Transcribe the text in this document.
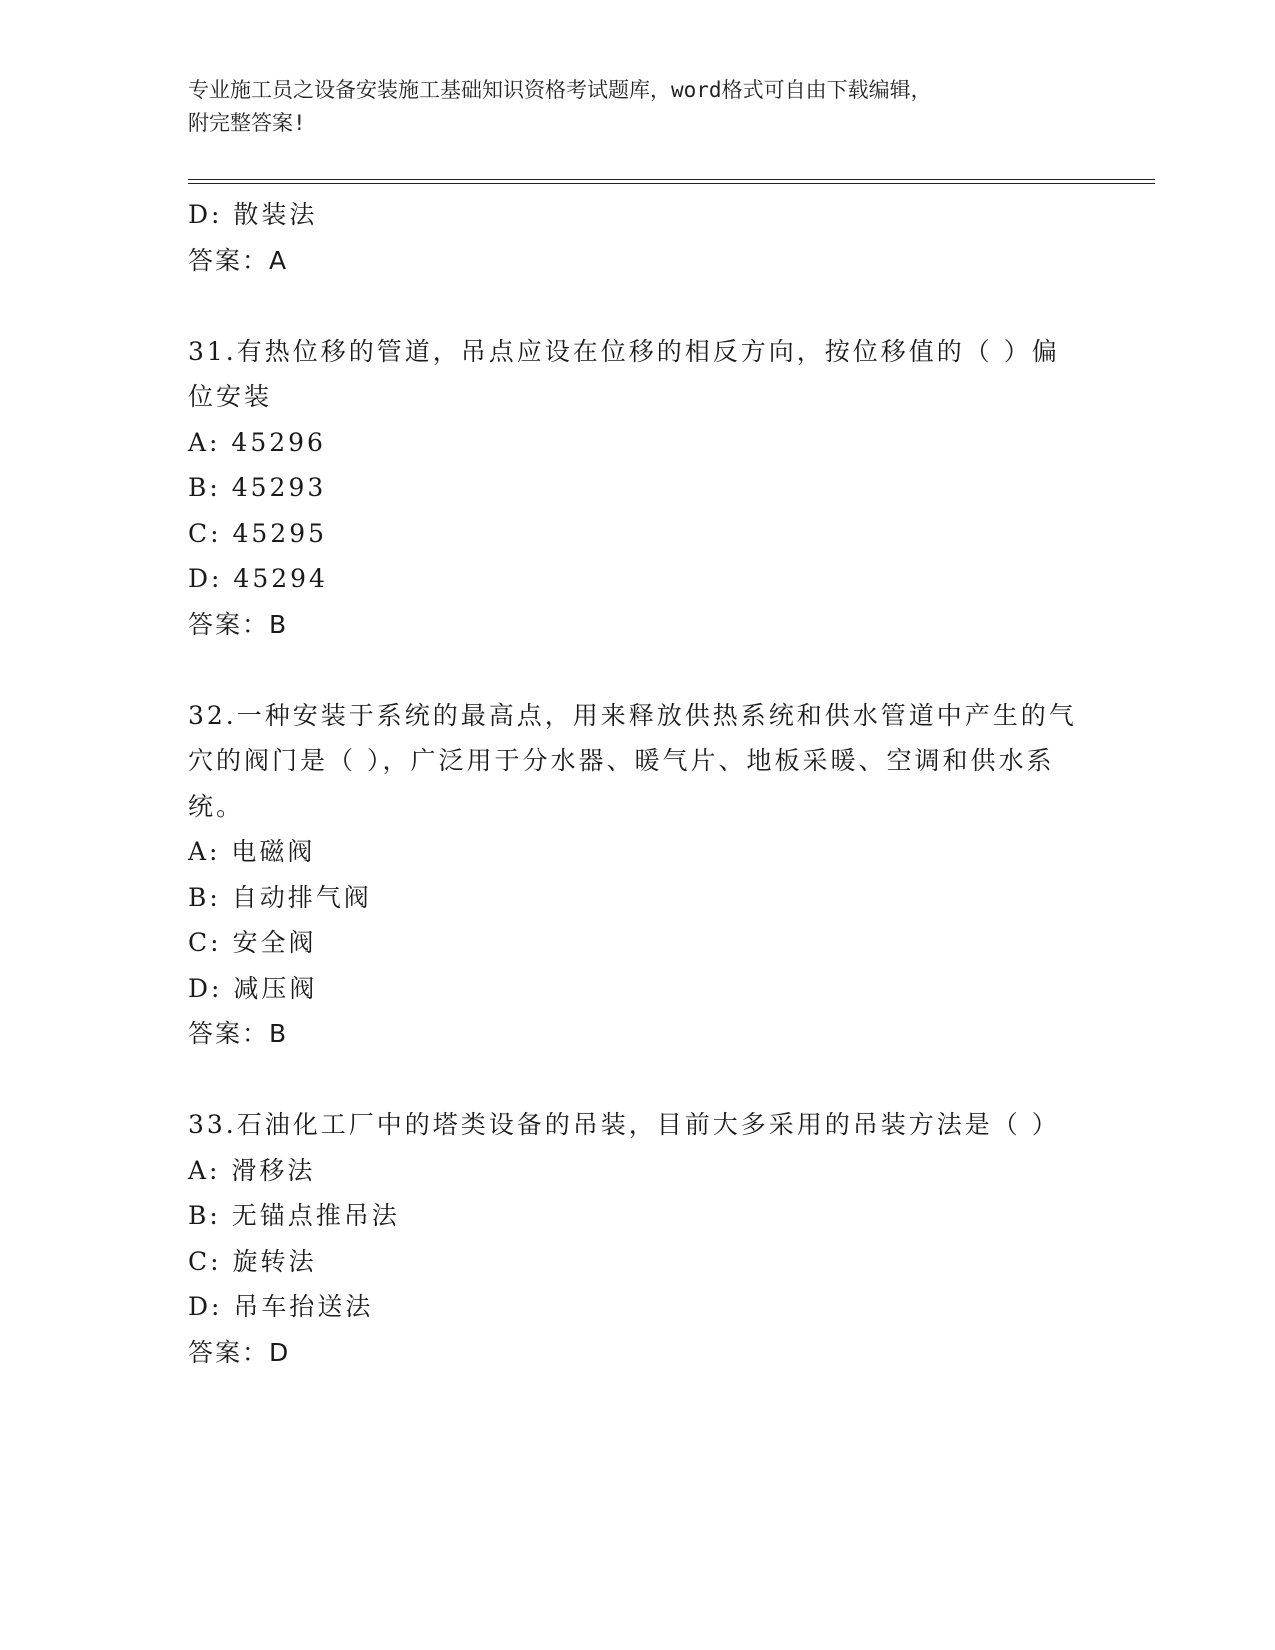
专业施工员之设备安装施工基础知识资格考试题库，word格式可自由下载编辑，
附完整答案!
D: 散装法
答案：A
31.有热位移的管道，吊点应设在位移的相反方向，按位移值的（ ）偏位安装
A: 45296
B: 45293
C: 45295
D: 45294
答案：B
32.一种安装于系统的最高点，用来释放供热系统和供水管道中产生的气穴的阀门是（ ），广泛用于分水器、暖气片、地板采暖、空调和供水系统。
A: 电磁阀
B: 自动排气阀
C: 安全阀
D: 减压阀
答案：B
33.石油化工厂中的塔类设备的吊装，目前大多采用的吊装方法是（ ）
A: 滑移法
B: 无锚点推吊法
C: 旋转法
D: 吊车抬送法
答案：D
